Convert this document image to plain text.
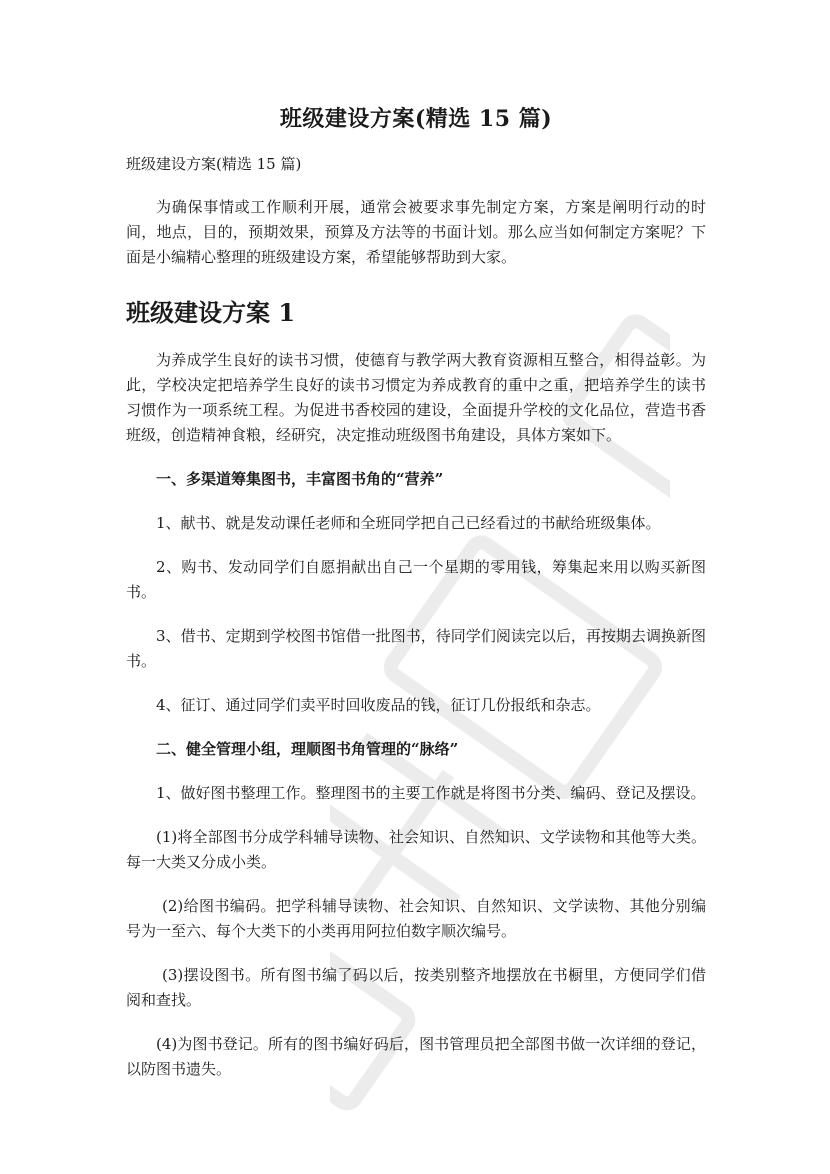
班级建设方案(精选 15 篇)

班级建设方案(精选 15 篇)

为确保事情或工作顺利开展，通常会被要求事先制定方案，方案是阐明行动的时间，地点，目的，预期效果，预算及方法等的书面计划。那么应当如何制定方案呢？下面是小编精心整理的班级建设方案，希望能够帮助到大家。

班级建设方案 1

为养成学生良好的读书习惯，使德育与教学两大教育资源相互整合，相得益彰。为此，学校决定把培养学生良好的读书习惯定为养成教育的重中之重，把培养学生的读书习惯作为一项系统工程。为促进书香校园的建设，全面提升学校的文化品位，营造书香班级，创造精神食粮，经研究，决定推动班级图书角建设，具体方案如下。

一、多渠道筹集图书，丰富图书角的“营养”

1、献书、就是发动课任老师和全班同学把自己已经看过的书献给班级集体。

2、购书、发动同学们自愿捐献出自己一个星期的零用钱，筹集起来用以购买新图书。

3、借书、定期到学校图书馆借一批图书，待同学们阅读完以后，再按期去调换新图书。

4、征订、通过同学们卖平时回收废品的钱，征订几份报纸和杂志。

二、健全管理小组，理顺图书角管理的“脉络”

1、做好图书整理工作。整理图书的主要工作就是将图书分类、编码、登记及摆设。

(1)将全部图书分成学科辅导读物、社会知识、自然知识、文学读物和其他等大类。每一大类又分成小类。

(2)给图书编码。把学科辅导读物、社会知识、自然知识、文学读物、其他分别编号为一至六、每个大类下的小类再用阿拉伯数字顺次编号。

(3)摆设图书。所有图书编了码以后，按类别整齐地摆放在书橱里，方便同学们借阅和查找。

(4)为图书登记。所有的图书编好码后，图书管理员把全部图书做一次详细的登记，以防图书遗失。
